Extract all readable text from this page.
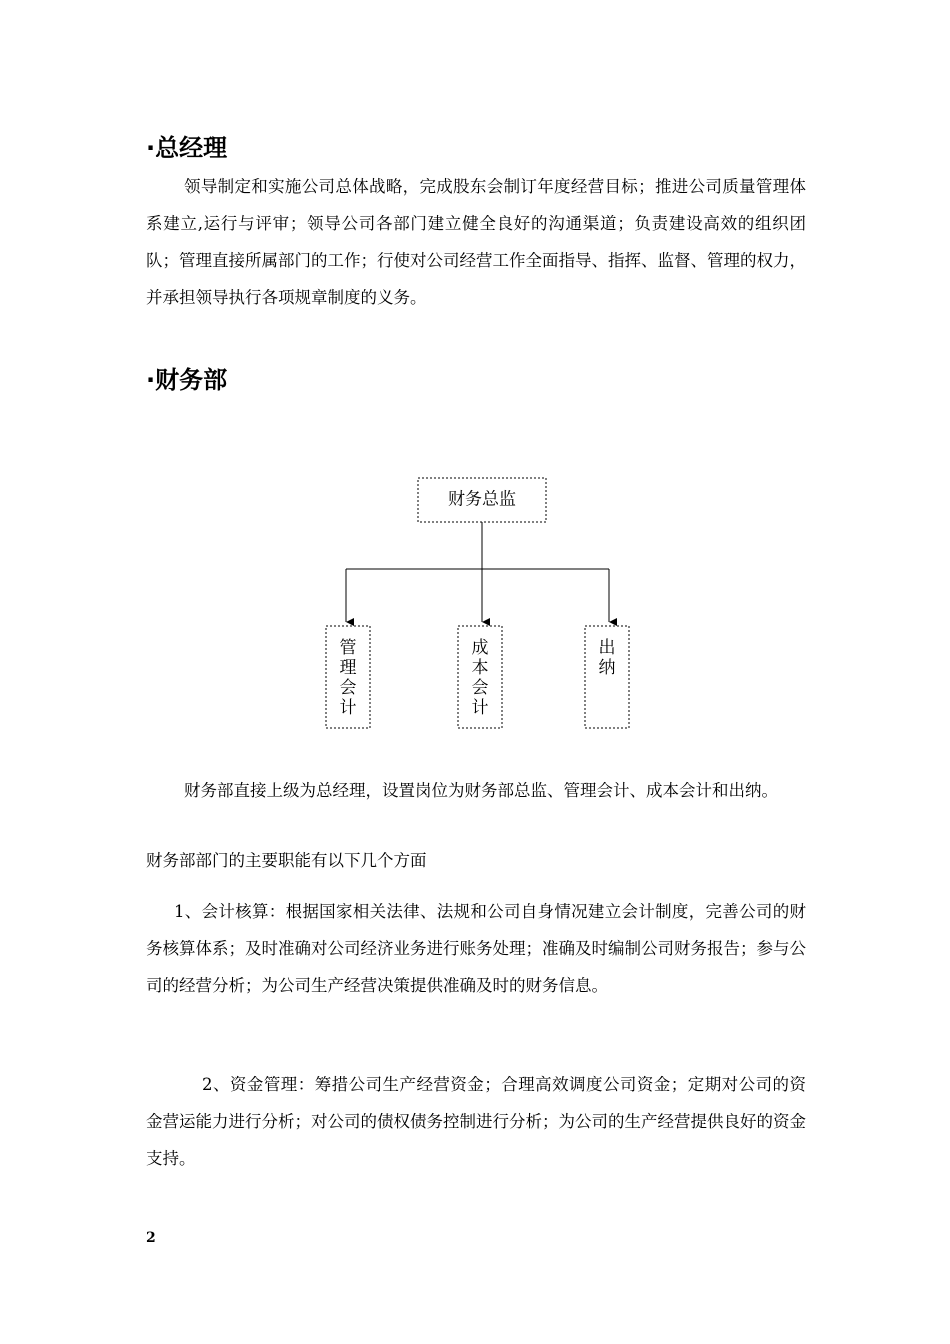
·总经理

领导制定和实施公司总体战略，完成股东会制订年度经营目标；推进公司质量管理体系建立,运行与评审；领导公司各部门建立健全良好的沟通渠道；负责建设高效的组织团队；管理直接所属部门的工作；行使对公司经营工作全面指导、指挥、监督、管理的权力，并承担领导执行各项规章制度的义务。

·财务部
财务总监
管
理
会
计
成
本
会
计
出
纳

财务部直接上级为总经理，设置岗位为财务部总监、管理会计、成本会计和出纳。

财务部部门的主要职能有以下几个方面

1、会计核算：根据国家相关法律、法规和公司自身情况建立会计制度，完善公司的财务核算体系；及时准确对公司经济业务进行账务处理；准确及时编制公司财务报告；参与公司的经营分析；为公司生产经营决策提供准确及时的财务信息。

2、资金管理：筹措公司生产经营资金；合理高效调度公司资金；定期对公司的资金营运能力进行分析；对公司的债权债务控制进行分析；为公司的生产经营提供良好的资金支持。

2
